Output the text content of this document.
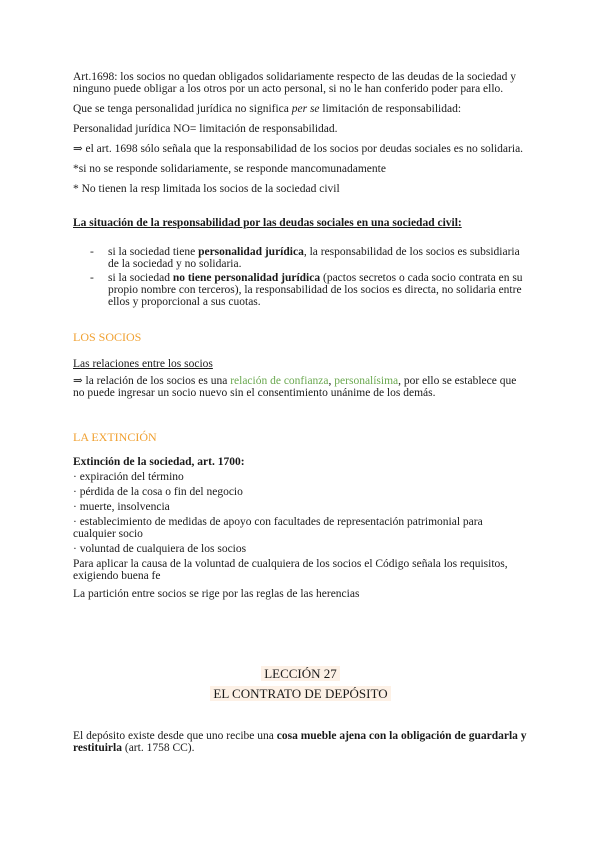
Art.1698: los socios no quedan obligados solidariamente respecto de las deudas de la sociedad y ninguno puede obligar a los otros por un acto personal, si no le han conferido poder para ello.

Que se tenga personalidad jurídica no significa per se limitación de responsabilidad:

Personalidad jurídica NO= limitación de responsabilidad.

⇒ el art. 1698 sólo señala que la responsabilidad de los socios por deudas sociales es no solidaria.

*si no se responde solidariamente, se responde mancomunadamente

* No tienen la resp limitada los socios de la sociedad civil

La situación de la responsabilidad por las deudas sociales en una sociedad civil:

- si la sociedad tiene personalidad jurídica, la responsabilidad de los socios es subsidiaria de la sociedad y no solidaria.
- si la sociedad no tiene personalidad jurídica (pactos secretos o cada socio contrata en su propio nombre con terceros), la responsabilidad de los socios es directa, no solidaria entre ellos y proporcional a sus cuotas.

LOS SOCIOS

Las relaciones entre los socios

⇒ la relación de los socios es una relación de confianza, personalísima, por ello se establece que no puede ingresar un socio nuevo sin el consentimiento unánime de los demás.

LA EXTINCIÓN

Extinción de la sociedad, art. 1700:

· expiración del término

· pérdida de la cosa o fin del negocio

· muerte, insolvencia

· establecimiento de medidas de apoyo con facultades de representación patrimonial para cualquier socio

· voluntad de cualquiera de los socios

Para aplicar la causa de la voluntad de cualquiera de los socios el Código señala los requisitos, exigiendo buena fe

La partición entre socios se rige por las reglas de las herencias

LECCIÓN 27

EL CONTRATO DE DEPÓSITO

El depósito existe desde que uno recibe una cosa mueble ajena con la obligación de guardarla y restituirla (art. 1758 CC).
